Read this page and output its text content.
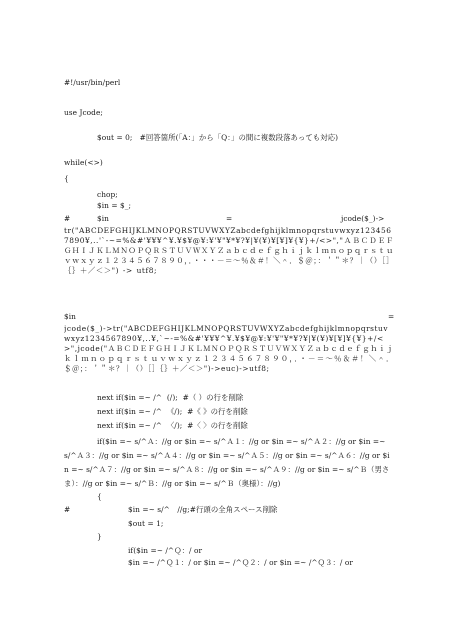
#!/usr/bin/perl
use Jcode;
$out = 0;   #回答箇所(「A：」から「Q：」の間に複数段落あっても対応)
while(<>)
{
chop;
$in = $_;
#	$in	=	jcode($_)->
tr("ABCDEFGHIJKLMNOPQRSTUVWXYZabcdefghijklmnopqrstuvwxyz1234567890¥,..'`-~=%&#'¥¥¥^¥.¥$¥@¥:¥'¥"¥*¥?¥|¥(¥)¥[¥]¥{¥}+/<>","ＡＢＣＤＥＦＧＨＩＪＫＬＭＮＯＰＱＲＳＴＵＶＷＸＹＺａｂｃｄｅｆｇｈｉｊｋｌｍｎｏｐｑｒｓｔｕｖｗｘｙｚ１２３４５６７８９０，．・・・－＝～％＆＃！＼＾．＄＠；：＇＂＊？｜（）［］｛｝＋／＜＞") -> utf8;
$in	=
jcode($_)->tr("ABCDEFGHIJKLMNOPQRSTUVWXYZabcdefghijklmnopqrstuvwxyz1234567890¥,..¥,`~-=%&#'¥¥¥^¥.¥$¥@¥:¥'¥"¥*¥?¥|¥(¥)¥[¥]¥{¥}+/<>",jcode("ＡＢＣＤＥＦＧＨＩＪＫＬＭＮＯＰＱＲＳＴＵＶＷＸＹＺａｂｃｄｅｆｇｈｉｊｋｌｍｎｏｐｑｒｓｔｕｖｗｘｙｚ１２３４５６７８９０，．・－＝～％＆＃！＼＾．＄＠；：＇＂＊？｜（）［］｛｝＋／＜＞")->euc)->utf8;
next if($in =~ /^  (/);  #（ ）の行を削除
next if($in =~ /^  《/);  #《 》の行を削除
next if($in =~ /^  〈/);  #〈 〉の行を削除
if($in =~ s/^Ａ：//g or $in =~ s/^Ａ１：//g or $in =~ s/^Ａ２：//g or $in =~ s/^Ａ３：//g or $in =~ s/^Ａ４：//g or $in =~ s/^Ａ５：//g or $in =~ s/^Ａ６：//g or $in =~ s/^Ａ７：//g or $in =~ s/^Ａ８：//g or $in =~ s/^Ａ９：//g or $in =~ s/^Ｂ（男さま）：//g or $in =~ s/^Ｂ：//g or $in =~ s/^Ｂ（奥様）：//g)
{
#	$in =~ s/^　//g;#行頭の全角スペース削除
$out = 1;
}
if($in =~ /^Ｑ：/ or
$in =~ /^Ｑ１：/ or $in =~ /^Ｑ２：/ or $in =~ /^Ｑ３：/ or
